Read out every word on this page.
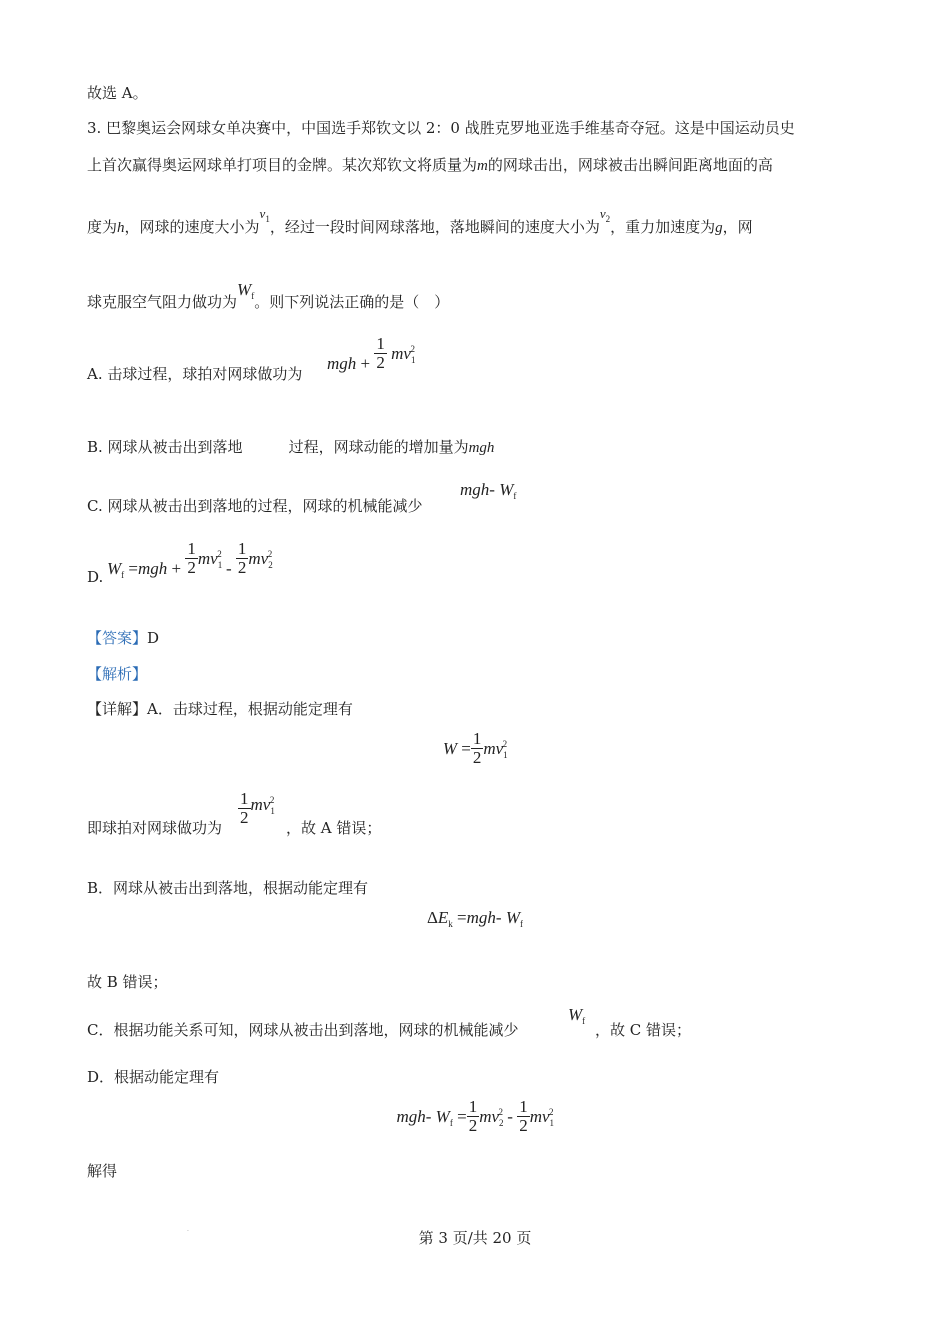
故选 A。
3. 巴黎奥运会网球女单决赛中，中国选手郑钦文以 2：0 战胜克罗地亚选手维基奇夺冠。这是中国运动员史
上首次赢得奥运网球单打项目的金牌。某次郑钦文将质量为m的网球击出，网球被击出瞬间距离地面的高
度为h，网球的速度大小为$v_1$，经过一段时间网球落地，落地瞬间的速度大小为$v_2$，重力加速度为g，网
球克服空气阻力做功为$W_f$。则下列说法正确的是（　）
A. 击球过程，球拍对网球做功为
mgh + $\frac{1}{2} mv_1^2$
B. 网球从被击出到落地	过程，网球动能的增加量为mgh
C. 网球从被击出到落地的过程，网球的机械能减少
mgh- $W_f$
D. $W_f =mgh + \frac{1}{2} mv_1^2 - \frac{1}{2} mv_2^2$
【答案】D
【解析】
【详解】A．击球过程，根据动能定理有
$W = \frac{1}{2} mv_1^2$
即球拍对网球做功为
$\frac{1}{2} mv_1^2$
，故 A 错误；
B．网球从被击出到落地，根据动能定理有
$\Delta E_k =mgh-$ $W_f$
故 B 错误；
C．根据功能关系可知，网球从被击出到落地，网球的机械能减少
$W_f$ ，故 C 错误；
D．根据动能定理有
mgh- $W_f = \frac{1}{2} mv_2^2 - \frac{1}{2} mv_1^2$
解得
.	第 3 页/共 20 页
